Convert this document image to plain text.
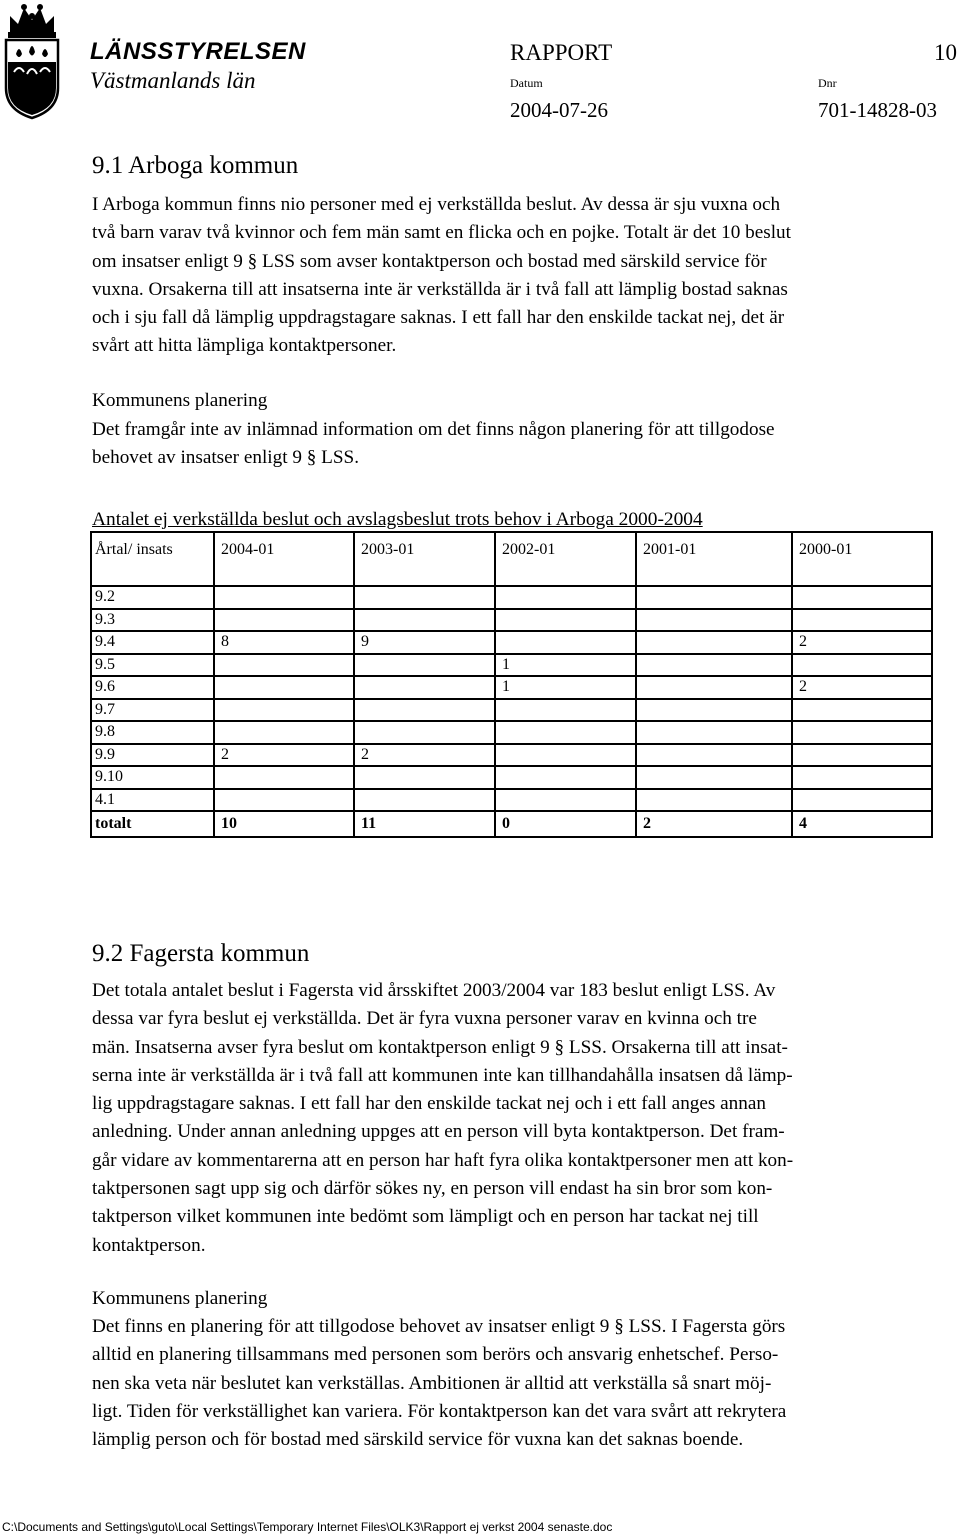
LÄNSSTYRELSEN
Västmanlands län
RAPPORT	10
Datum	Dnr
2004-07-26	701-14828-03
9.1 Arboga kommun
I Arboga kommun finns nio personer med ej verkställda beslut. Av dessa är sju vuxna och
två barn varav två kvinnor och fem män samt en flicka och en pojke. Totalt är det 10 beslut
om insatser enligt 9 § LSS som avser kontaktperson och bostad med särskild service för
vuxna. Orsakerna till att insatserna inte är verkställda är i två fall att lämplig bostad saknas
och i sju fall då lämplig uppdragstagare saknas. I ett fall har den enskilde tackat nej, det är
svårt att hitta lämpliga kontaktpersoner.
Kommunens planering
Det framgår inte av inlämnad information om det finns någon planering för att tillgodose
behovet av insatser enligt 9 § LSS.
Antalet ej verkställda beslut och avslagsbeslut trots behov i Arboga 2000-2004
Årtal/ insats	2004-01	2003-01	2002-01	2001-01	2000-01
9.2					
9.3					
9.4	8	9			2
9.5			1		
9.6			1		2
9.7					
9.8					
9.9	2	2			
9.10					
4.1					
totalt	10	11	0	2	4
9.2 Fagersta kommun
Det totala antalet beslut i Fagersta vid årsskiftet 2003/2004 var 183 beslut enligt LSS. Av
dessa var fyra beslut ej verkställda. Det är fyra vuxna personer varav en kvinna och tre
män. Insatserna avser fyra beslut om kontaktperson enligt 9 § LSS. Orsakerna till att insat-
serna inte är verkställda är i två fall att kommunen inte kan tillhandahålla insatsen då lämp-
lig uppdragstagare saknas. I ett fall har den enskilde tackat nej och i ett fall anges annan
anledning. Under annan anledning uppges att en person vill byta kontaktperson. Det fram-
går vidare av kommentarerna att en person har haft fyra olika kontaktpersoner men att kon-
taktpersonen sagt upp sig och därför sökes ny, en person vill endast ha sin bror som kon-
taktperson vilket kommunen inte bedömt som lämpligt och en person har tackat nej till
kontaktperson.
Kommunens planering
Det finns en planering för att tillgodose behovet av insatser enligt 9 § LSS. I Fagersta görs
alltid en planering tillsammans med personen som berörs och ansvarig enhetschef. Perso-
nen ska veta när beslutet kan verkställas. Ambitionen är alltid att verkställa så snart möj-
ligt. Tiden för verkställighet kan variera. För kontaktperson kan det vara svårt att rekrytera
lämplig person och för bostad med särskild service för vuxna kan det saknas boende.
C:\Documents and Settings\guto\Local Settings\Temporary Internet Files\OLK3\Rapport ej verkst 2004 senaste.doc
